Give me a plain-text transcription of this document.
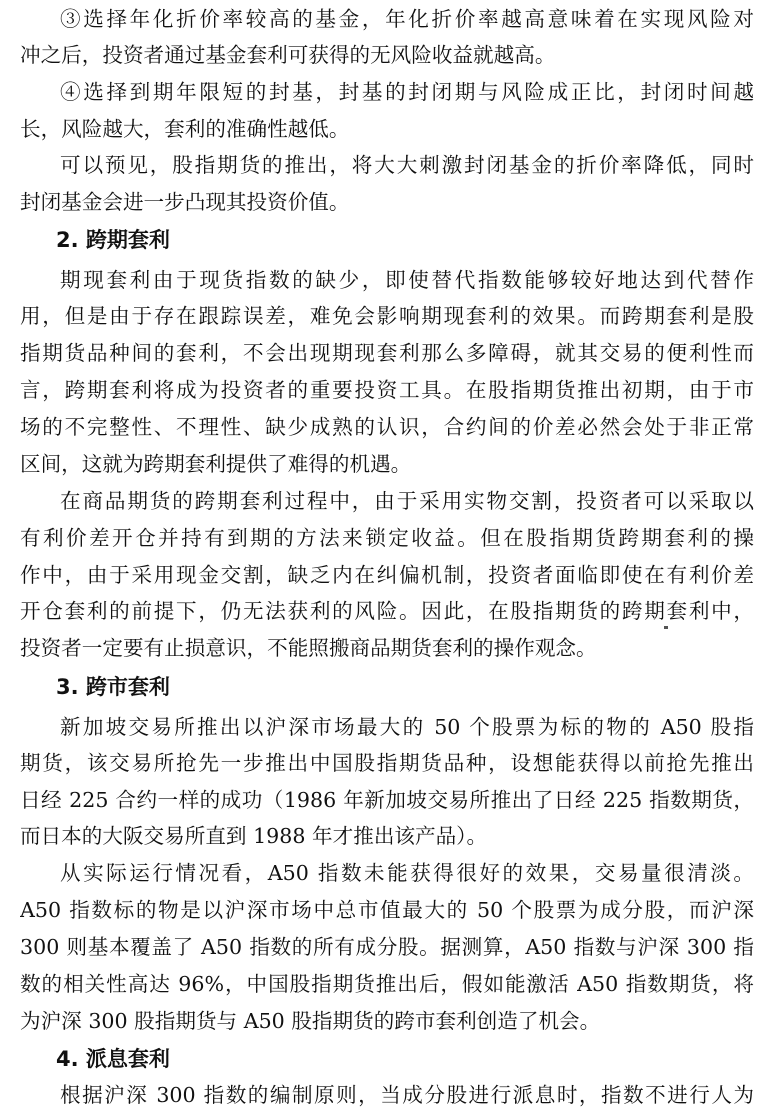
③选择年化折价率较高的基金，年化折价率越高意味着在实现风险对
冲之后，投资者通过基金套利可获得的无风险收益就越高。
④选择到期年限短的封基，封基的封闭期与风险成正比，封闭时间越
长，风险越大，套利的准确性越低。
可以预见，股指期货的推出，将大大刺激封闭基金的折价率降低，同时
封闭基金会进一步凸现其投资价值。
2. 跨期套利
期现套利由于现货指数的缺少，即使替代指数能够较好地达到代替作
用，但是由于存在跟踪误差，难免会影响期现套利的效果。而跨期套利是股
指期货品种间的套利，不会出现期现套利那么多障碍，就其交易的便利性而
言，跨期套利将成为投资者的重要投资工具。在股指期货推出初期，由于市
场的不完整性、不理性、缺少成熟的认识，合约间的价差必然会处于非正常
区间，这就为跨期套利提供了难得的机遇。
在商品期货的跨期套利过程中，由于采用实物交割，投资者可以采取以
有利价差开仓并持有到期的方法来锁定收益。但在股指期货跨期套利的操
作中，由于采用现金交割，缺乏内在纠偏机制，投资者面临即使在有利价差
开仓套利的前提下，仍无法获利的风险。因此，在股指期货的跨期套利中，
投资者一定要有止损意识，不能照搬商品期货套利的操作观念。
3. 跨市套利
新加坡交易所推出以沪深市场最大的 50 个股票为标的物的 A50 股指
期货，该交易所抢先一步推出中国股指期货品种，设想能获得以前抢先推出
日经 225 合约一样的成功（1986 年新加坡交易所推出了日经 225 指数期货，
而日本的大阪交易所直到 1988 年才推出该产品）。
从实际运行情况看，A50 指数未能获得很好的效果，交易量很清淡。
A50 指数标的物是以沪深市场中总市值最大的 50 个股票为成分股，而沪深
300 则基本覆盖了 A50 指数的所有成分股。据测算，A50 指数与沪深 300 指
数的相关性高达 96%，中国股指期货推出后，假如能激活 A50 指数期货，将
为沪深 300 股指期货与 A50 股指期货的跨市套利创造了机会。
4. 派息套利
根据沪深 300 指数的编制原则，当成分股进行派息时，指数不进行人为
